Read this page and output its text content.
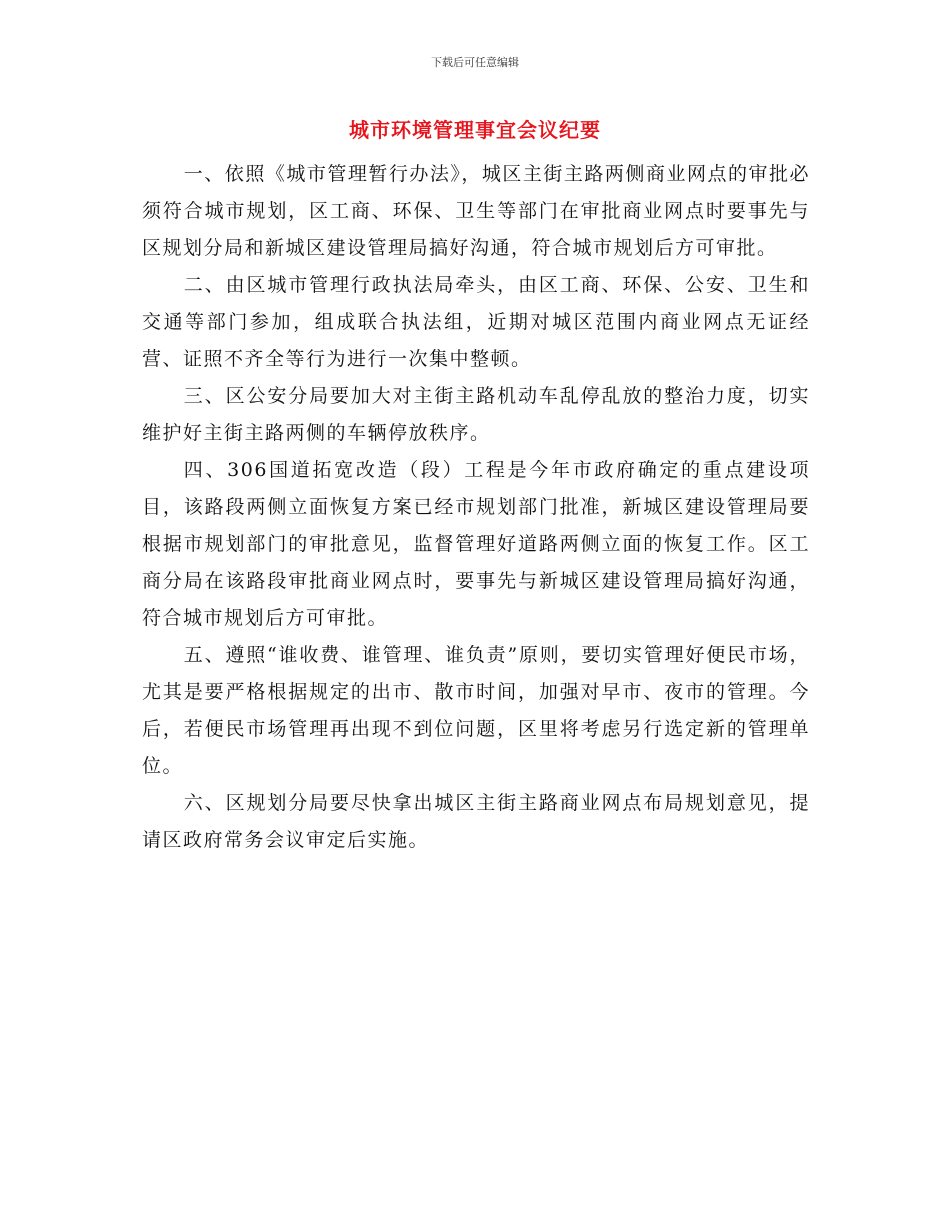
下载后可任意编辑
城市环境管理事宜会议纪要

一、依照《城市管理暂行办法》，城区主街主路两侧商业网点的审批必须符合城市规划，区工商、环保、卫生等部门在审批商业网点时要事先与区规划分局和新城区建设管理局搞好沟通，符合城市规划后方可审批。

二、由区城市管理行政执法局牵头，由区工商、环保、公安、卫生和交通等部门参加，组成联合执法组，近期对城区范围内商业网点无证经营、证照不齐全等行为进行一次集中整顿。

三、区公安分局要加大对主街主路机动车乱停乱放的整治力度，切实维护好主街主路两侧的车辆停放秩序。

四、306国道拓宽改造（段）工程是今年市政府确定的重点建设项目，该路段两侧立面恢复方案已经市规划部门批准，新城区建设管理局要根据市规划部门的审批意见，监督管理好道路两侧立面的恢复工作。区工商分局在该路段审批商业网点时，要事先与新城区建设管理局搞好沟通，符合城市规划后方可审批。

五、遵照“谁收费、谁管理、谁负责”原则，要切实管理好便民市场，尤其是要严格根据规定的出市、散市时间，加强对早市、夜市的管理。今后，若便民市场管理再出现不到位问题，区里将考虑另行选定新的管理单位。

六、区规划分局要尽快拿出城区主街主路商业网点布局规划意见，提请区政府常务会议审定后实施。
